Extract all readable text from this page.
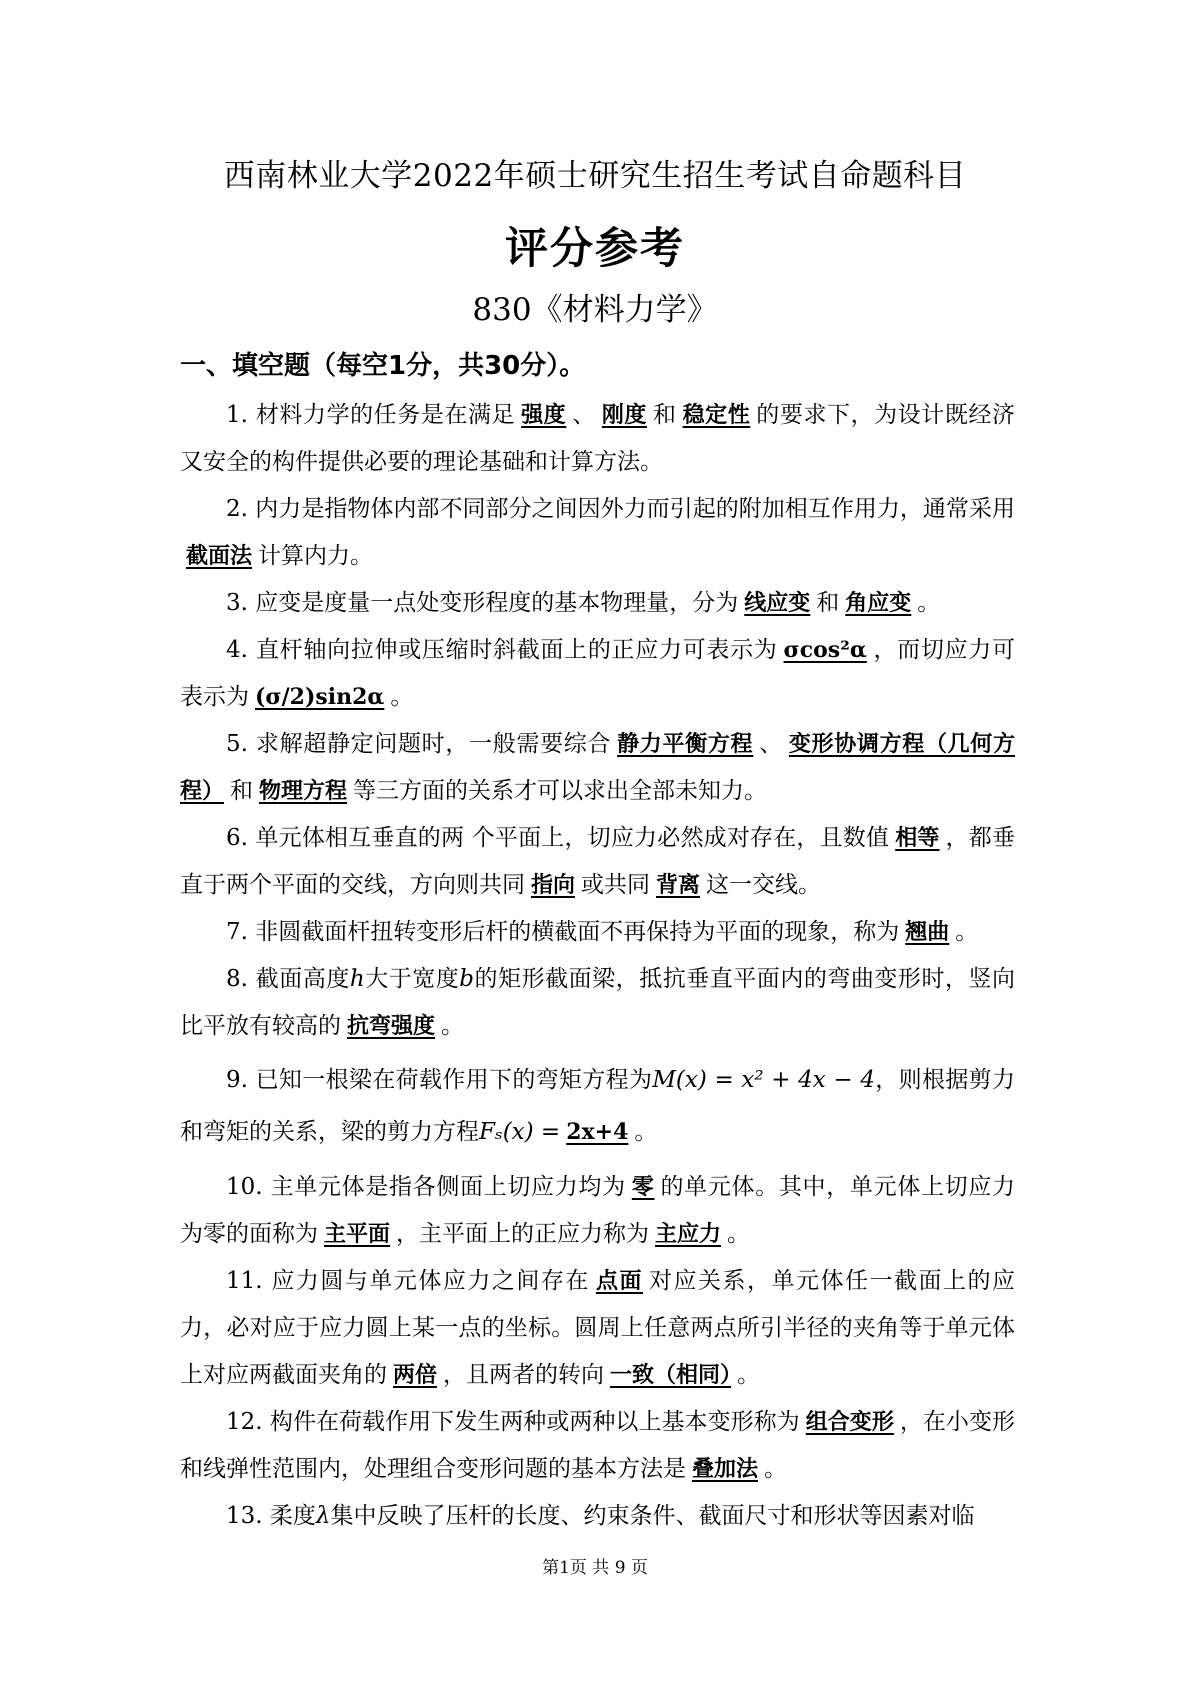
西南林业大学2022年硕士研究生招生考试自命题科目
评分参考
830《材料力学》
一、填空题（每空1分，共30分）。

1. 材料力学的任务是在满足 强度 、 刚度 和 稳定性 的要求下，为设计既经济又安全的构件提供必要的理论基础和计算方法。

2. 内力是指物体内部不同部分之间因外力而引起的附加相互作用力，通常采用截面法 计算内力。

3. 应变是度量一点处变形程度的基本物理量，分为 线应变 和 角应变 。

4. 直杆轴向拉伸或压缩时斜截面上的正应力可表示为 σcos²α ，而切应力可表示为 (σ/2)sin2α 。

5. 求解超静定问题时，一般需要综合 静力平衡方程 、 变形协调方程（几何方程） 和 物理方程 等三方面的关系才可以求出全部未知力。

6. 单元体相互垂直的两 个平面上，切应力必然成对存在，且数值 相等 ，都垂直于两个平面的交线，方向则共同 指向 或共同 背离 这一交线。

7. 非圆截面杆扭转变形后杆的横截面不再保持为平面的现象，称为 翘曲 。

8. 截面高度h大于宽度b的矩形截面梁，抵抗垂直平面内的弯曲变形时，竖向比平放有较高的 抗弯强度 。

9. 已知一根梁在荷载作用下的弯矩方程为M(x) = x² + 4x − 4，则根据剪力和弯矩的关系，梁的剪力方程Fₛ(x) = 2x+4 。

10. 主单元体是指各侧面上切应力均为 零 的单元体。其中，单元体上切应力为零的面称为 主平面 ，主平面上的正应力称为 主应力 。

11. 应力圆与单元体应力之间存在 点面 对应关系，单元体任一截面上的应力，必对应于应力圆上某一点的坐标。圆周上任意两点所引半径的夹角等于单元体上对应两截面夹角的 两倍 ，且两者的转向 一致（相同） 。

12. 构件在荷载作用下发生两种或两种以上基本变形称为 组合变形 ，在小变形和线弹性范围内，处理组合变形问题的基本方法是 叠加法 。

13. 柔度λ集中反映了压杆的长度、约束条件、截面尺寸和形状等因素对临

第1页 共 9 页
